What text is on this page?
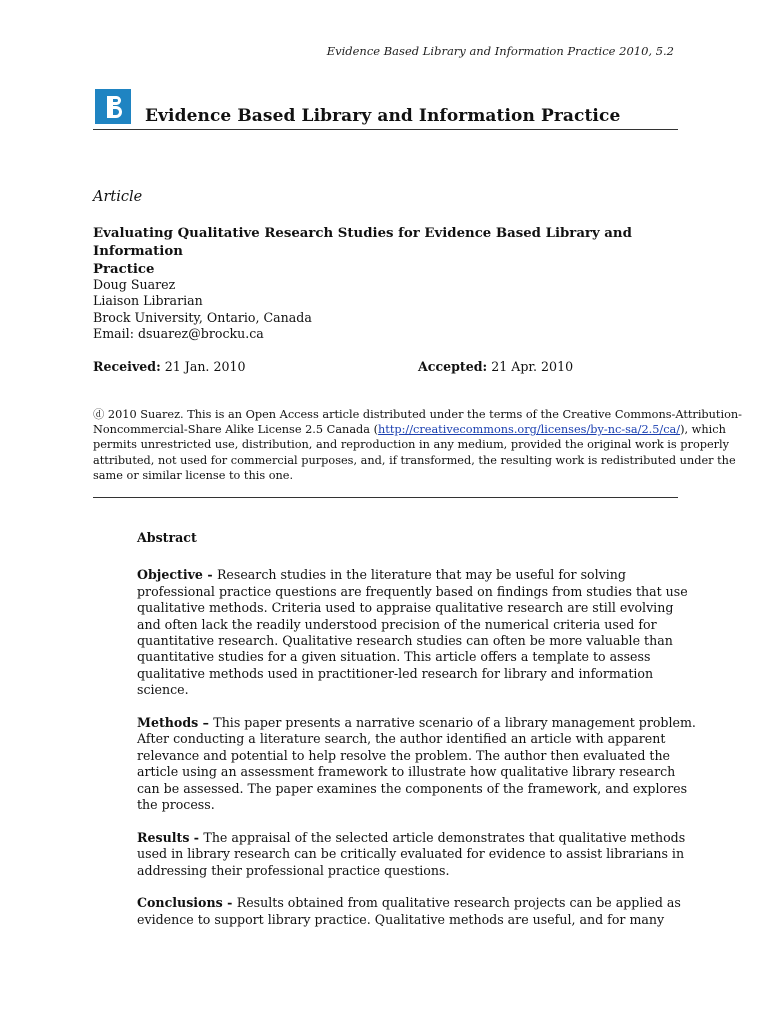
Evidence Based Library and Information Practice 2010, 5.2
Evidence Based Library and Information Practice
Article
Evaluating Qualitative Research Studies for Evidence Based Library and Information
Practice
Doug Suarez
Liaison Librarian
Brock University, Ontario, Canada
Email: dsuarez@brocku.ca
Received: 21 Jan. 2010	Accepted: 21 Apr. 2010
ⓓ 2010 Suarez. This is an Open Access article distributed under the terms of the Creative Commons-Attribution-
Noncommercial-Share Alike License 2.5 Canada (http://creativecommons.org/licenses/by-nc-sa/2.5/ca/), which
permits unrestricted use, distribution, and reproduction in any medium, provided the original work is properly
attributed, not used for commercial purposes, and, if transformed, the resulting work is redistributed under the
same or similar license to this one.
Abstract

Objective - Research studies in the literature that may be useful for solving
professional practice questions are frequently based on findings from studies that use
qualitative methods. Criteria used to appraise qualitative research are still evolving
and often lack the readily understood precision of the numerical criteria used for
quantitative research. Qualitative research studies can often be more valuable than
quantitative studies for a given situation. This article offers a template to assess
qualitative methods used in practitioner-led research for library and information
science.

Methods – This paper presents a narrative scenario of a library management problem.
After conducting a literature search, the author identified an article with apparent
relevance and potential to help resolve the problem. The author then evaluated the
article using an assessment framework to illustrate how qualitative library research
can be assessed. The paper examines the components of the framework, and explores
the process.

Results - The appraisal of the selected article demonstrates that qualitative methods
used in library research can be critically evaluated for evidence to assist librarians in
addressing their professional practice questions.

Conclusions - Results obtained from qualitative research projects can be applied as
evidence to support library practice. Qualitative methods are useful, and for many
